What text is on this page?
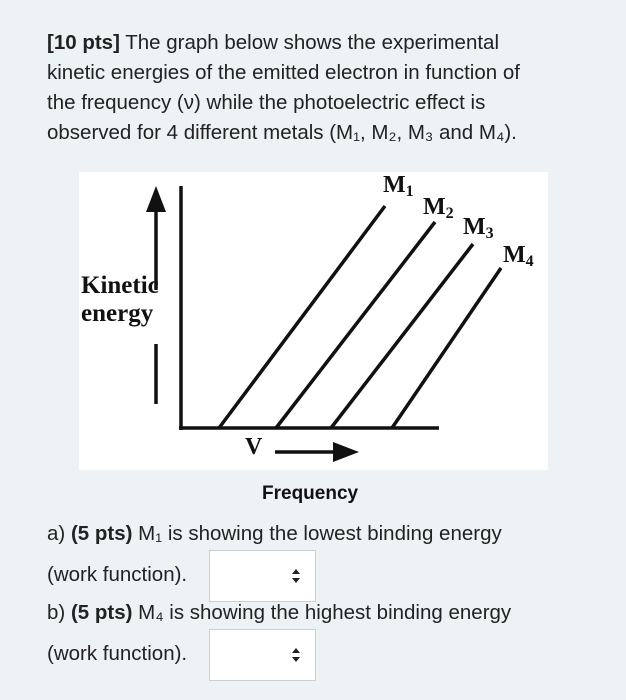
[10 pts] The graph below shows the experimental
kinetic energies of the emitted electron in function of
the frequency (ν) while the photoelectric effect is
observed for 4 different metals (M₁, M₂, M₃ and M₄).
Kinetic
energy
V
$M_1$
$M_2$
$M_3$
$M_4$
Frequency
a) (5 pts) M₁ is showing the lowest binding energy
(work function).
b) (5 pts) M₄ is showing the highest binding energy
(work function).
